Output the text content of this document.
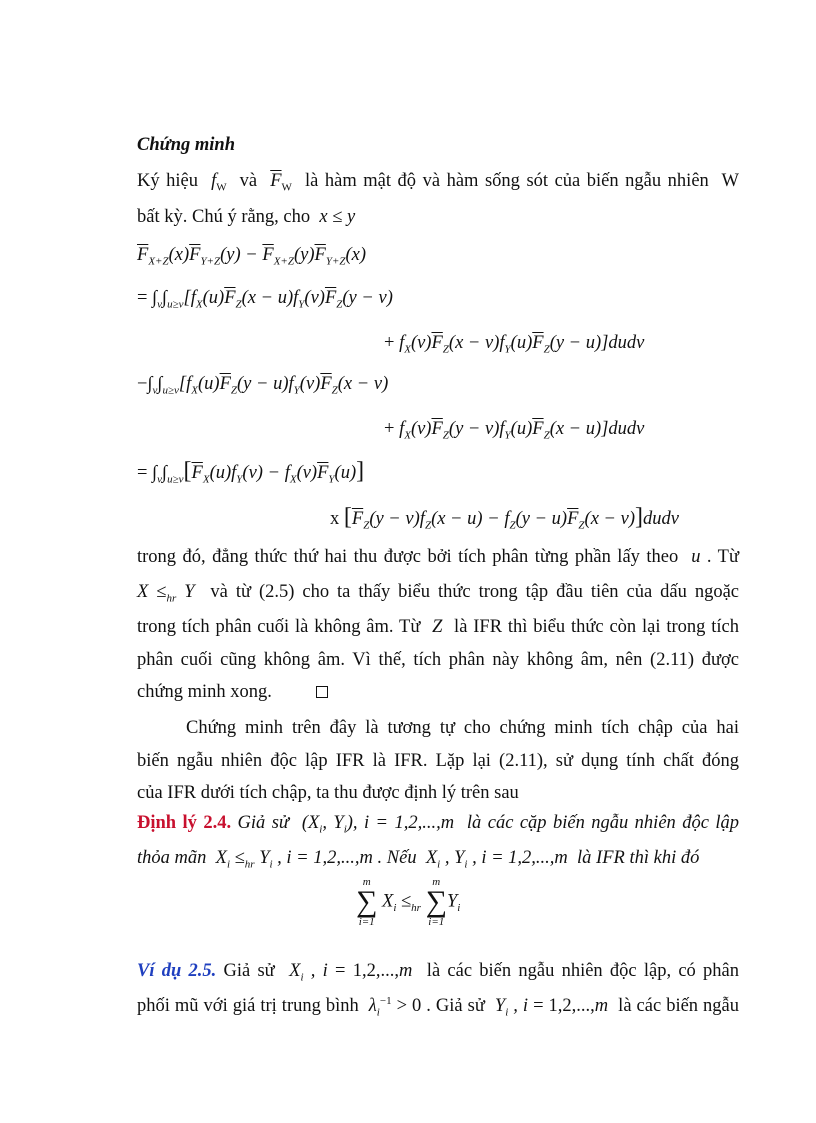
Chứng minh
Ký hiệu  $f_W$  và  $\overline{F}_W$  là hàm mật độ và hàm sống sót của biến ngẫu nhiên  W
bất kỳ. Chú ý rằng, cho  x ≤ y
$\overline{F}_{X+Z}(x)\overline{F}_{Y+Z}(y) - \overline{F}_{X+Z}(y)\overline{F}_{Y+Z}(x)$
= $\int_v\int_{u\ge v}[f_X(u)\overline{F}_Z(x - u)f_Y(v)\overline{F}_Z(y - v)$
+ $f_X(v)\overline{F}_Z(x - v)f_Y(u)\overline{F}_Z(y$ − u)]dudv
$-\int_v\int_{u\ge v}[f_X(u)\overline{F}_Z(y - u)f_Y(v)\overline{F}_Z(x - v)$
+ $f_X(v)\overline{F}_Z(y - v)f_Y(u)\overline{F}_Z(x$ − u)]dudv
= $\int_v\int_{u\ge v}[\overline{F}_X(u)f_Y(v) - f_X(v)\overline{F}_Y(u)]$
x [$\overline{F}_Z(y - v)f_Z(x - u) - f_Z(y - u)\overline{F}_Z(x$ − v)]dudv
trong đó, đẳng thức thứ hai thu được bởi tích phân từng phần lấy theo  u . Từ
$X \le_{hr}$ Y  và từ (2.5) cho ta thấy biểu thức trong tập đầu tiên của dấu ngoặc
trong tích phân cuối là không âm. Từ  Z  là IFR thì biểu thức còn lại trong tích
phân cuối cũng không âm. Vì thế, tích phân này không âm, nên (2.11) được
chứng minh xong.
Chứng minh trên đây là tương tự cho chứng minh tích chập của hai
biến ngẫu nhiên độc lập IFR là IFR. Lặp lại (2.11), sử dụng tính chất đóng
của IFR dưới tích chập, ta thu được định lý trên sau
Định lý 2.4. Giả sử  ($X_i$, $Y_i$), i = 1,2,...,m  là các cặp biến ngẫu nhiên độc lập
thỏa mãn  $X_i \le_{hr}$ $Y_i$ , i = 1,2,...,m . Nếu  $X_i$ , $Y_i$ , i = 1,2,...,m  là IFR thì khi đó
m
∑
i=1 $X_i \le_{hr}$ m
∑
$i=1Y_i$
Ví dụ 2.5. Giả sử  $X_i$ , i = 1,2,...,m  là các biến ngẫu nhiên độc lập, có phân
phối mũ với giá trị trung bình  $\lambda_i^{-1} > 0$ . Giả sử  $Y_i$ , i = 1,2,...,m  là các biến ngẫu
